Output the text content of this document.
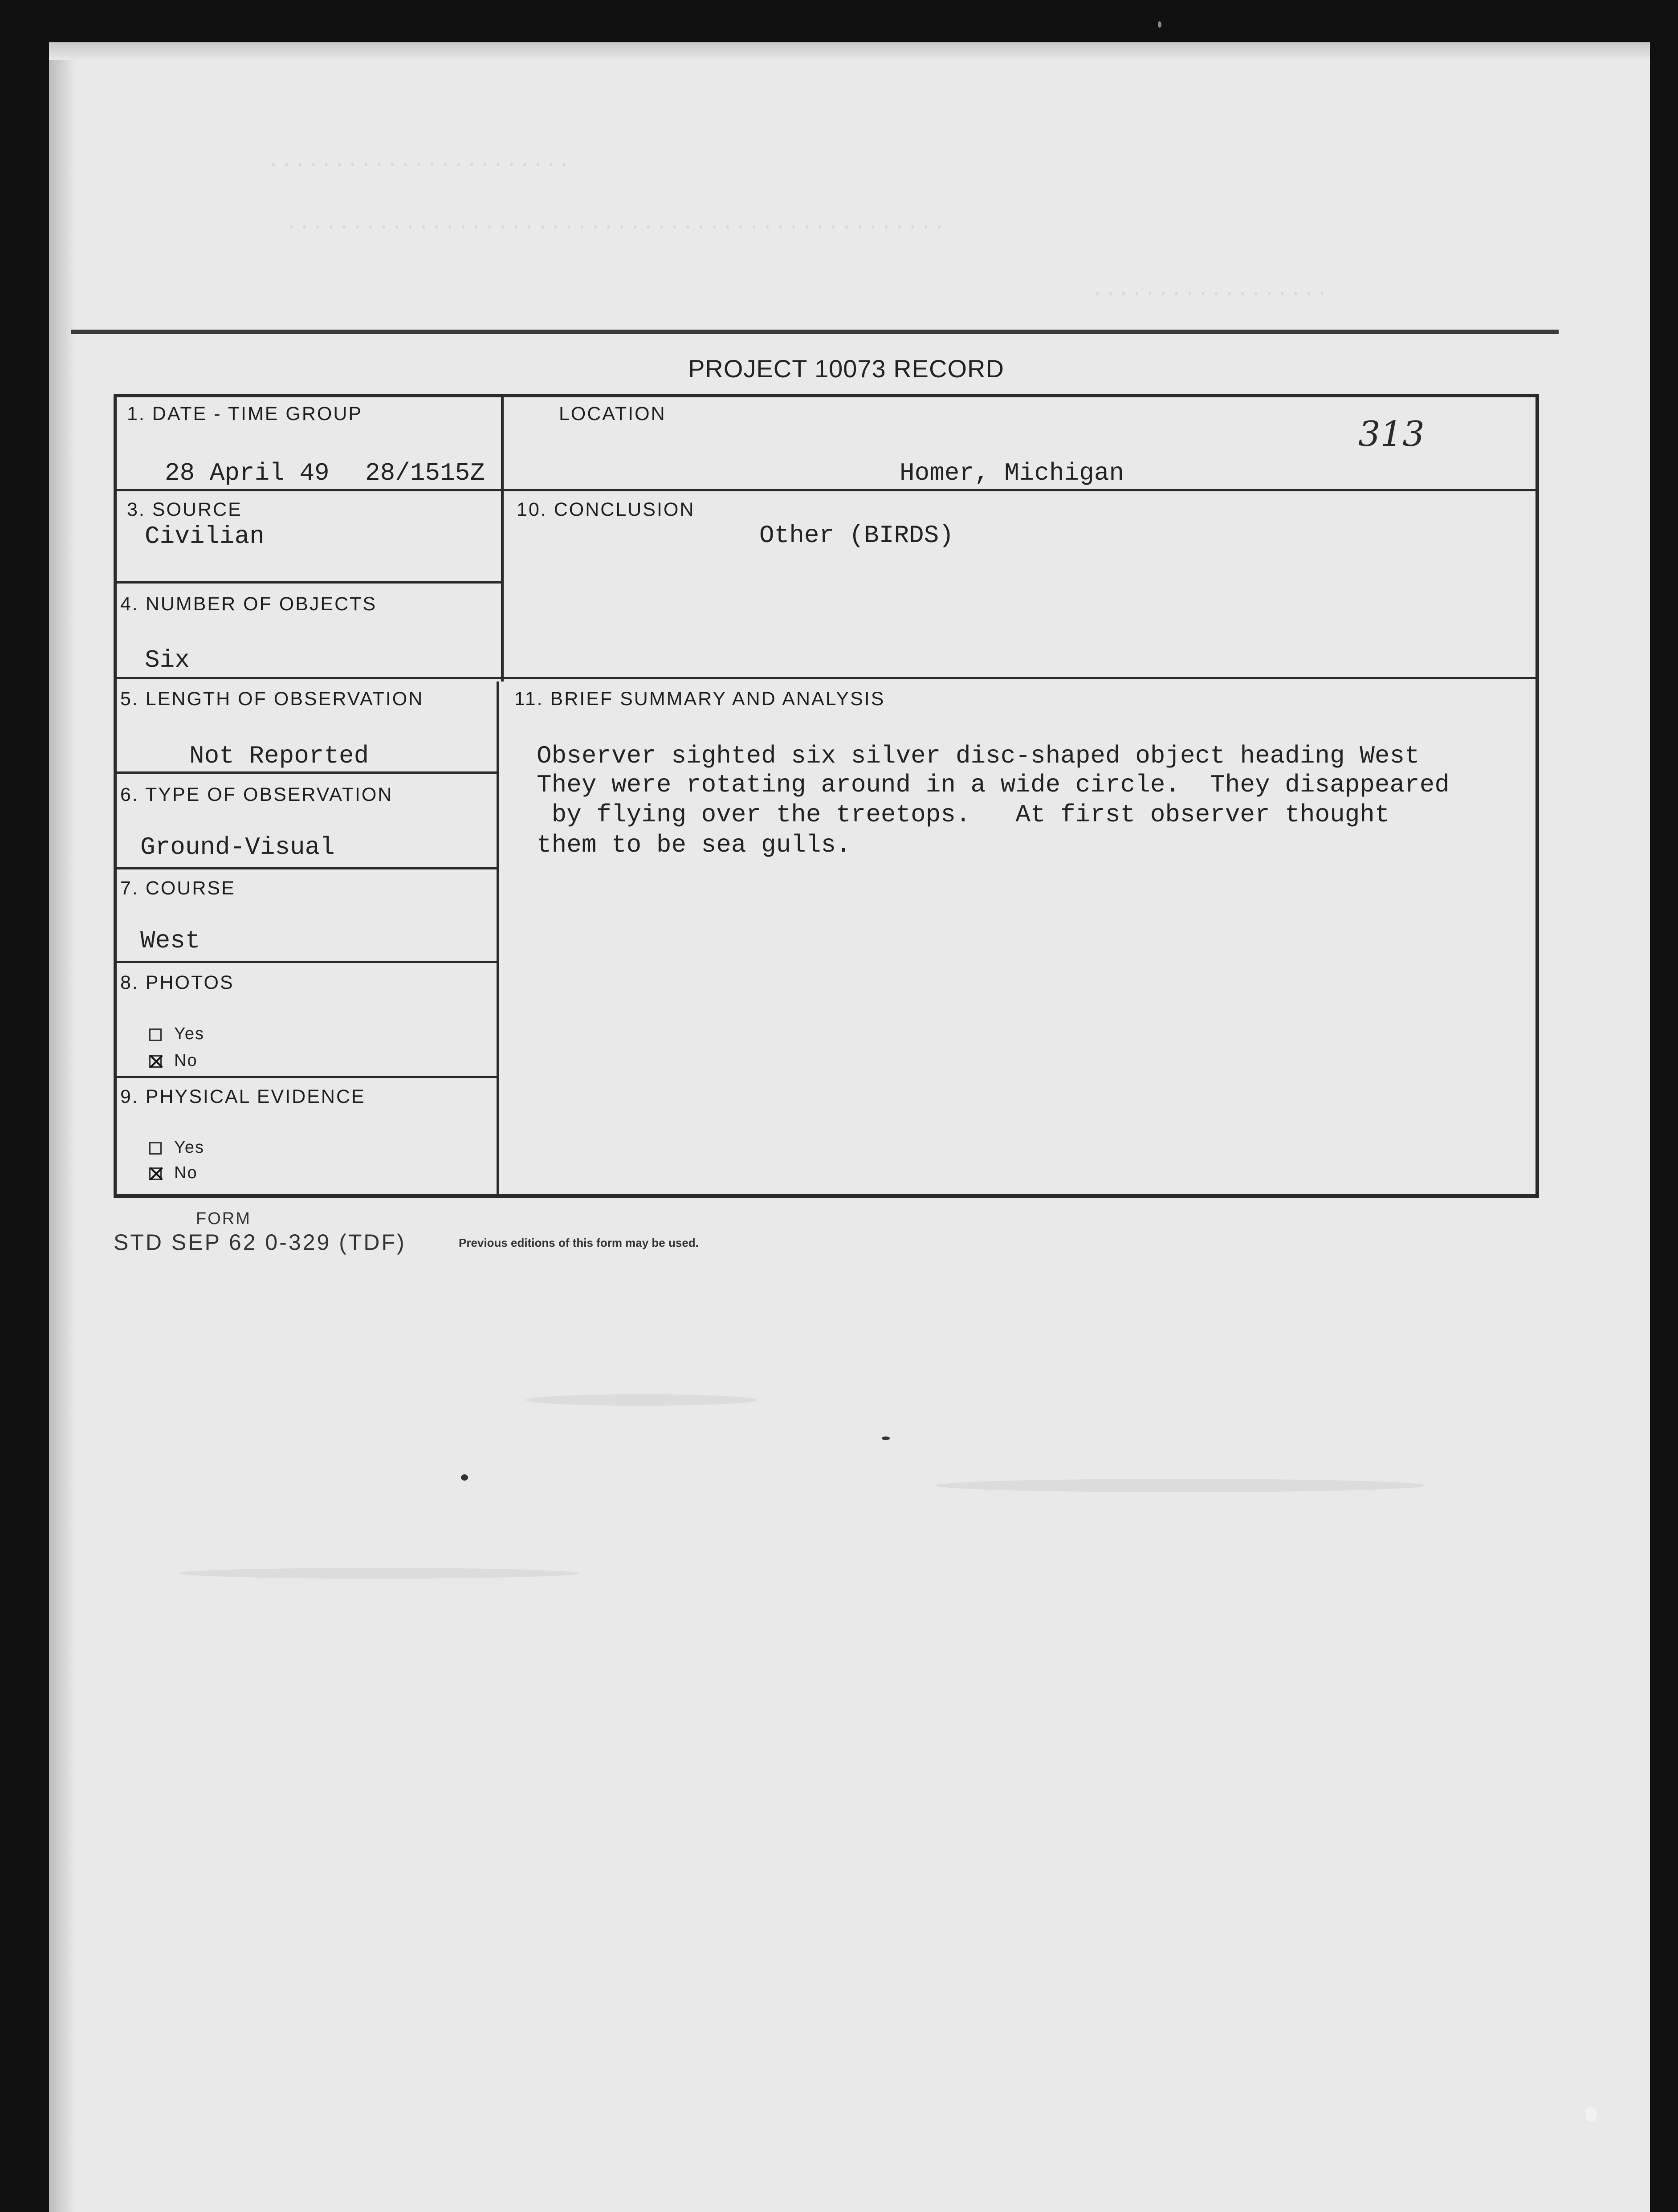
.......................
..................................................
..................
313
PROJECT 10073 RECORD
1. DATE - TIME GROUP
28 April 49 28/1515Z
LOCATION
Homer, Michigan
3. SOURCE
Civilian
10. CONCLUSION
Other (BIRDS)
4. NUMBER OF OBJECTS
Six
5. LENGTH OF OBSERVATION
Not Reported
11. BRIEF SUMMARY AND ANALYSIS
Observer sighted six silver disc-shaped object heading West
They were rotating around in a wide circle.  They disappeared
by flying over the treetops.   At first observer thought
them to be sea gulls.
6. TYPE OF OBSERVATION
Ground-Visual
7. COURSE
West
8. PHOTOS
Yes
No
9. PHYSICAL EVIDENCE
Yes
No
FORM
STD SEP 62 0-329 (TDF)	Previous editions of this form may be used.
